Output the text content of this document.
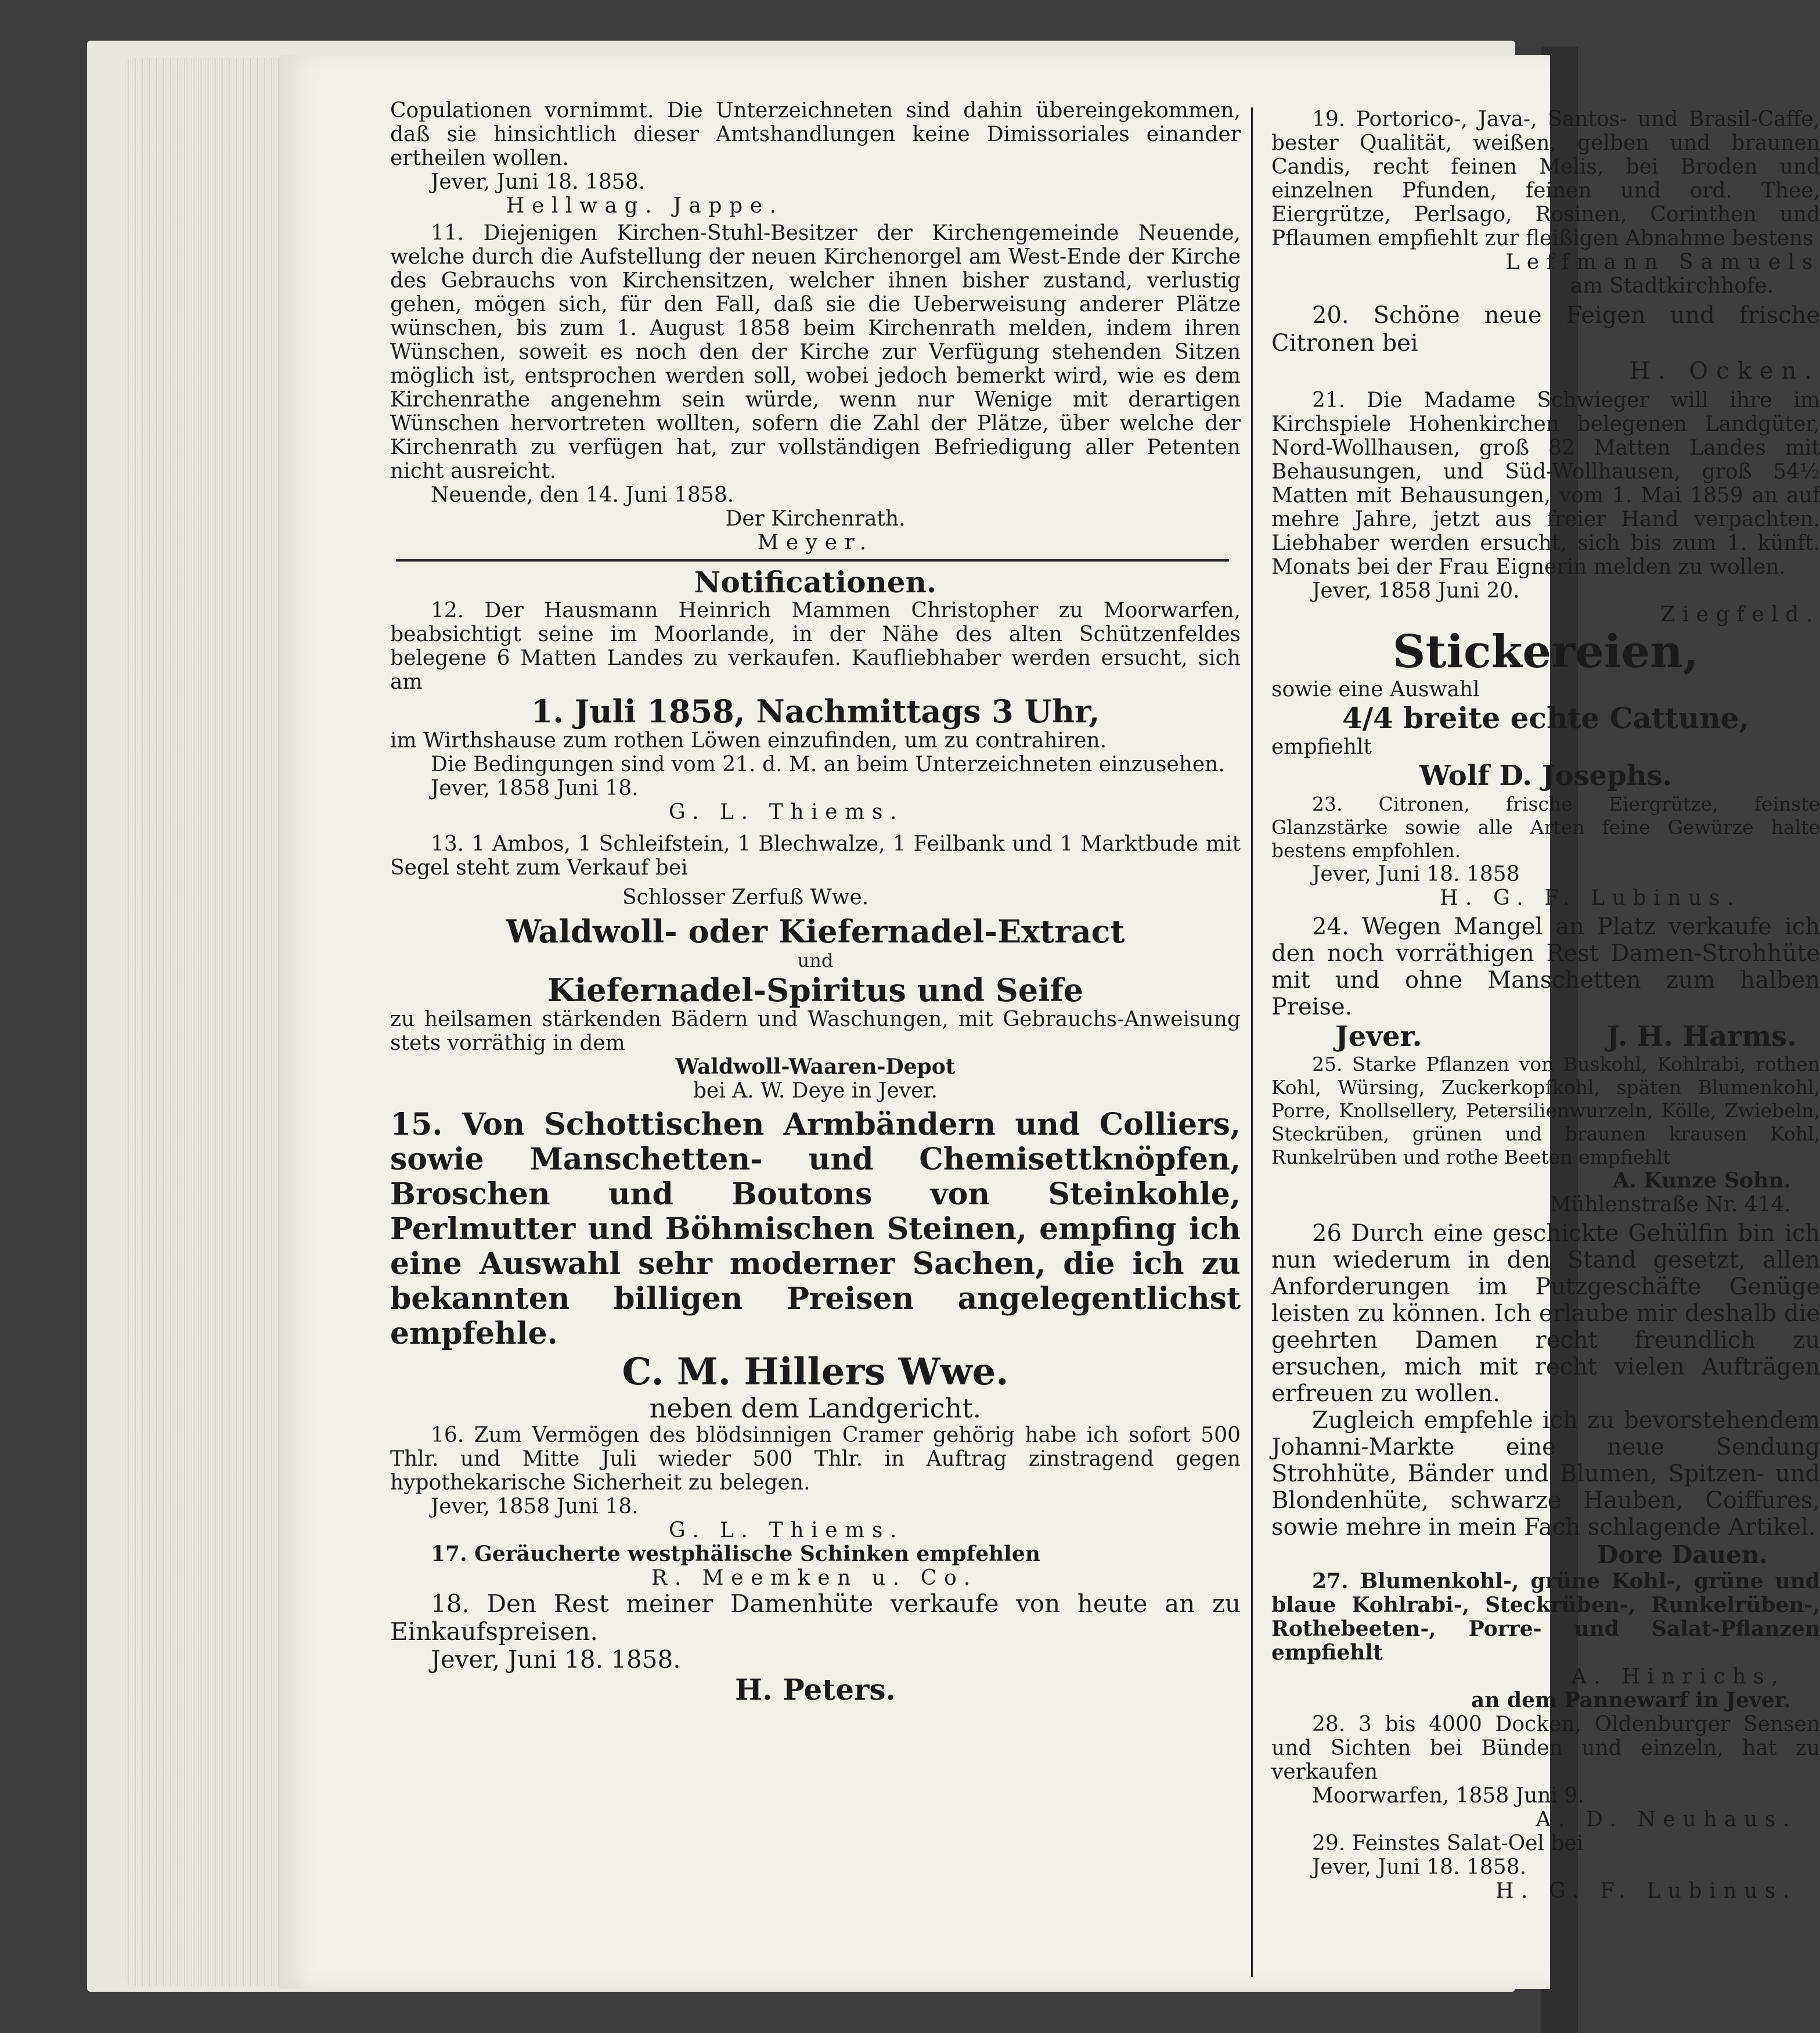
Copulationen vornimmt. Die Unterzeichneten sind dahin übereingekommen, daß sie hinsichtlich dieser Amtshandlungen keine Dimissoriales einander ertheilen wollen.

Jever, Juni 18. 1858.

Hellwag. Jappe.

11. Diejenigen Kirchen-Stuhl-Besitzer der Kirchengemeinde Neuende, welche durch die Aufstellung der neuen Kirchenorgel am West-Ende der Kirche des Gebrauchs von Kirchensitzen, welcher ihnen bisher zustand, verlustig gehen, mögen sich, für den Fall, daß sie die Ueberweisung anderer Plätze wünschen, bis zum 1. August 1858 beim Kirchenrath melden, indem ihren Wünschen, soweit es noch den der Kirche zur Verfügung stehenden Sitzen möglich ist, entsprochen werden soll, wobei jedoch bemerkt wird, wie es dem Kirchenrathe angenehm sein würde, wenn nur Wenige mit derartigen Wünschen hervortreten wollten, sofern die Zahl der Plätze, über welche der Kirchenrath zu verfügen hat, zur vollständigen Befriedigung aller Petenten nicht ausreicht.

Neuende, den 14. Juni 1858.

Der Kirchenrath.

Meyer.

Notificationen.

12. Der Hausmann Heinrich Mammen Christopher zu Moorwarfen, beabsichtigt seine im Moorlande, in der Nähe des alten Schützenfeldes belegene 6 Matten Landes zu verkaufen. Kaufliebhaber werden ersucht, sich am

1. Juli 1858, Nachmittags 3 Uhr,

im Wirthshause zum rothen Löwen einzufinden, um zu contrahiren.

Die Bedingungen sind vom 21. d. M. an beim Unterzeichneten einzusehen.

Jever, 1858 Juni 18.

G. L. Thiems.

13. 1 Ambos, 1 Schleifstein, 1 Blechwalze, 1 Feilbank und 1 Marktbude mit Segel steht zum Verkauf bei

Schlosser Zerfuß Wwe.

Waldwoll- oder Kiefernadel-Extract

und

Kiefernadel-Spiritus und Seife

zu heilsamen stärkenden Bädern und Waschungen, mit Gebrauchs-Anweisung stets vorräthig in dem

Waldwoll-Waaren-Depot

bei A. W. Deye in Jever.

15. Von Schottischen Armbändern und Colliers, sowie Manschetten- und Chemisettknöpfen, Broschen und Boutons von Steinkohle, Perlmutter und Böhmischen Steinen, empfing ich eine Auswahl sehr moderner Sachen, die ich zu bekannten billigen Preisen angelegentlichst empfehle.

C. M. Hillers Wwe.

neben dem Landgericht.

16. Zum Vermögen des blödsinnigen Cramer gehörig habe ich sofort 500 Thlr. und Mitte Juli wieder 500 Thlr. in Auftrag zinstragend gegen hypothekarische Sicherheit zu belegen.

Jever, 1858 Juni 18.

G. L. Thiems.

17. Geräucherte westphälische Schinken empfehlen

R. Meemken u. Co.

18. Den Rest meiner Damenhüte verkaufe von heute an zu Einkaufspreisen.

Jever, Juni 18. 1858.

H. Peters.

19. Portorico-, Java-, Santos- und Brasil-Caffe, bester Qualität, weißen, gelben und braunen Candis, recht feinen Melis, bei Broden und einzelnen Pfunden, feinen und ord. Thee, Eiergrütze, Perlsago, Rosinen, Corinthen und Pflaumen empfiehlt zur fleißigen Abnahme bestens

Leffmann Samuels

am Stadtkirchhofe.

20. Schöne neue Feigen und frische Citronen bei

H. Ocken.

21. Die Madame Schwieger will ihre im Kirchspiele Hohenkirchen belegenen Landgüter, Nord-Wollhausen, groß 82 Matten Landes mit Behausungen, und Süd-Wollhausen, groß 54½ Matten mit Behausungen, vom 1. Mai 1859 an auf mehre Jahre, jetzt aus freier Hand verpachten. Liebhaber werden ersucht, sich bis zum 1. künft. Monats bei der Frau Eignerin melden zu wollen.

Jever, 1858 Juni 20.

Ziegfeld.

Stickereien,

sowie eine Auswahl

4/4 breite echte Cattune,

empfiehlt

Wolf D. Josephs.

23. Citronen, frische Eiergrütze, feinste Glanzstärke sowie alle Arten feine Gewürze halte bestens empfohlen.

Jever, Juni 18. 1858

H. G. F. Lubinus.

24. Wegen Mangel an Platz verkaufe ich den noch vorräthigen Rest Damen-Strohhüte mit und ohne Manschetten zum halben Preise.

Jever.	J. H. Harms.

25. Starke Pflanzen von Buskohl, Kohlrabi, rothen Kohl, Würsing, Zuckerkopfkohl, späten Blumenkohl, Porre, Knollsellery, Petersilienwurzeln, Kölle, Zwiebeln, Steckrüben, grünen und braunen krausen Kohl, Runkelrüben und rothe Beeten empfiehlt

A. Kunze Sohn.

Mühlenstraße Nr. 414.

26 Durch eine geschickte Gehülfin bin ich nun wiederum in den Stand gesetzt, allen Anforderungen im Putzgeschäfte Genüge leisten zu können. Ich erlaube mir deshalb die geehrten Damen recht freundlich zu ersuchen, mich mit recht vielen Aufträgen erfreuen zu wollen.

Zugleich empfehle ich zu bevorstehendem Johanni-Markte eine neue Sendung Strohhüte, Bänder und Blumen, Spitzen- und Blondenhüte, schwarze Hauben, Coiffures, sowie mehre in mein Fach schlagende Artikel.

Dore Dauen.

27. Blumenkohl-, grüne Kohl-, grüne und blaue Kohlrabi-, Steckrüben-, Runkelrüben-, Rothebeeten-, Porre- und Salat-Pflanzen empfiehlt

A. Hinrichs,

an dem Pannewarf in Jever.

28. 3 bis 4000 Docken, Oldenburger Sensen und Sichten bei Bünden und einzeln, hat zu verkaufen

Moorwarfen, 1858 Juni 9.

A. D. Neuhaus.

29. Feinstes Salat-Oel bei

Jever, Juni 18. 1858.

H. G. F. Lubinus.
